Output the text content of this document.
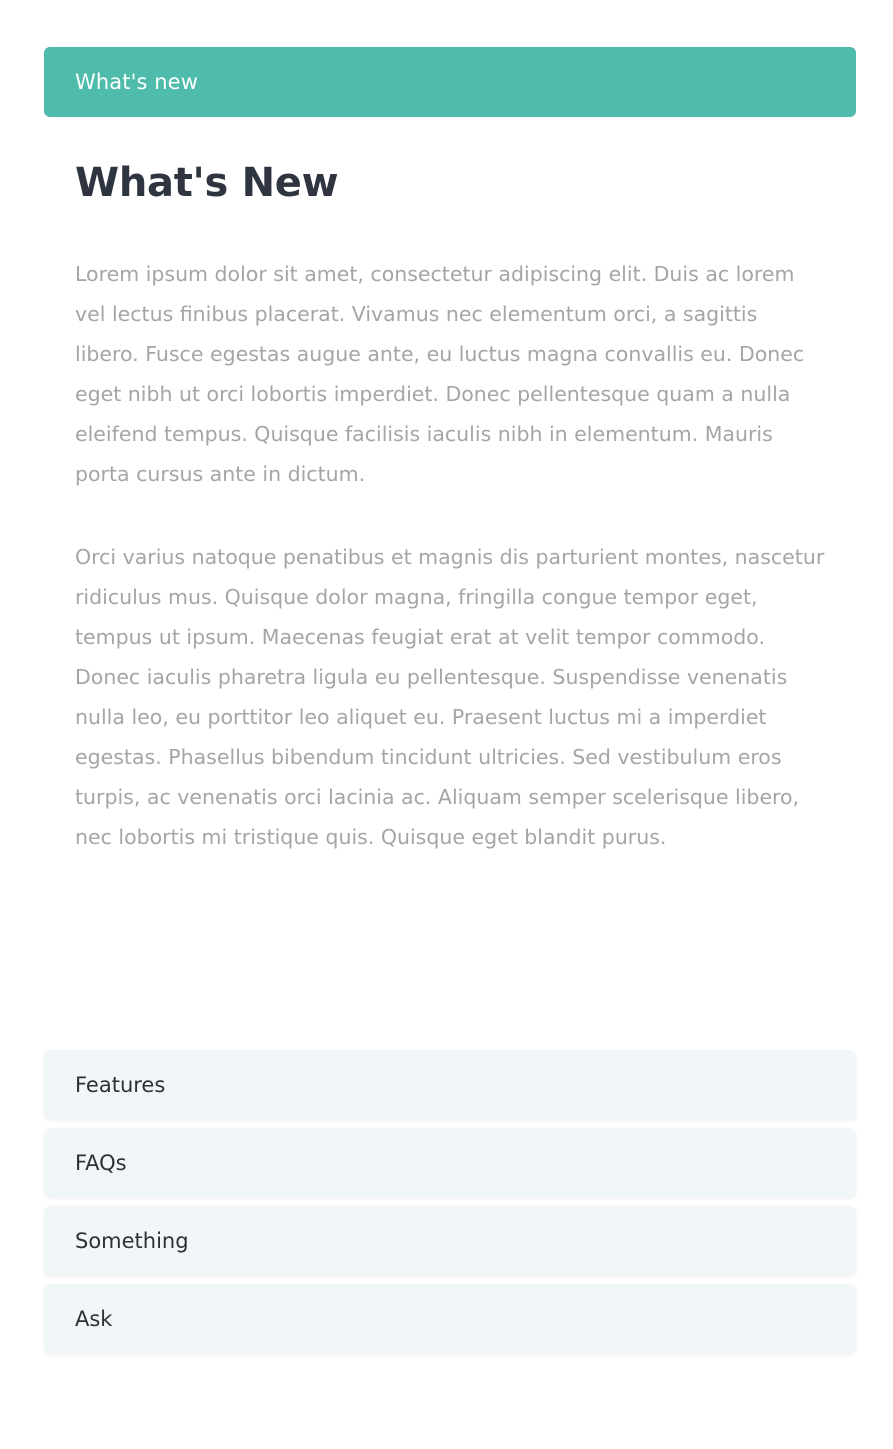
What's new
What's New

Lorem ipsum dolor sit amet, consectetur adipiscing elit. Duis ac lorem vel lectus finibus placerat. Vivamus nec elementum orci, a sagittis libero. Fusce egestas augue ante, eu luctus magna convallis eu. Donec eget nibh ut orci lobortis imperdiet. Donec pellentesque quam a nulla eleifend tempus. Quisque facilisis iaculis nibh in elementum. Mauris porta cursus ante in dictum.

Orci varius natoque penatibus et magnis dis parturient montes, nascetur ridiculus mus. Quisque dolor magna, fringilla congue tempor eget, tempus ut ipsum. Maecenas feugiat erat at velit tempor commodo. Donec iaculis pharetra ligula eu pellentesque. Suspendisse venenatis nulla leo, eu porttitor leo aliquet eu. Praesent luctus mi a imperdiet egestas. Phasellus bibendum tincidunt ultricies. Sed vestibulum eros turpis, ac venenatis orci lacinia ac. Aliquam semper scelerisque libero, nec lobortis mi tristique quis. Quisque eget blandit purus.

Features
FAQs
Something
Ask
